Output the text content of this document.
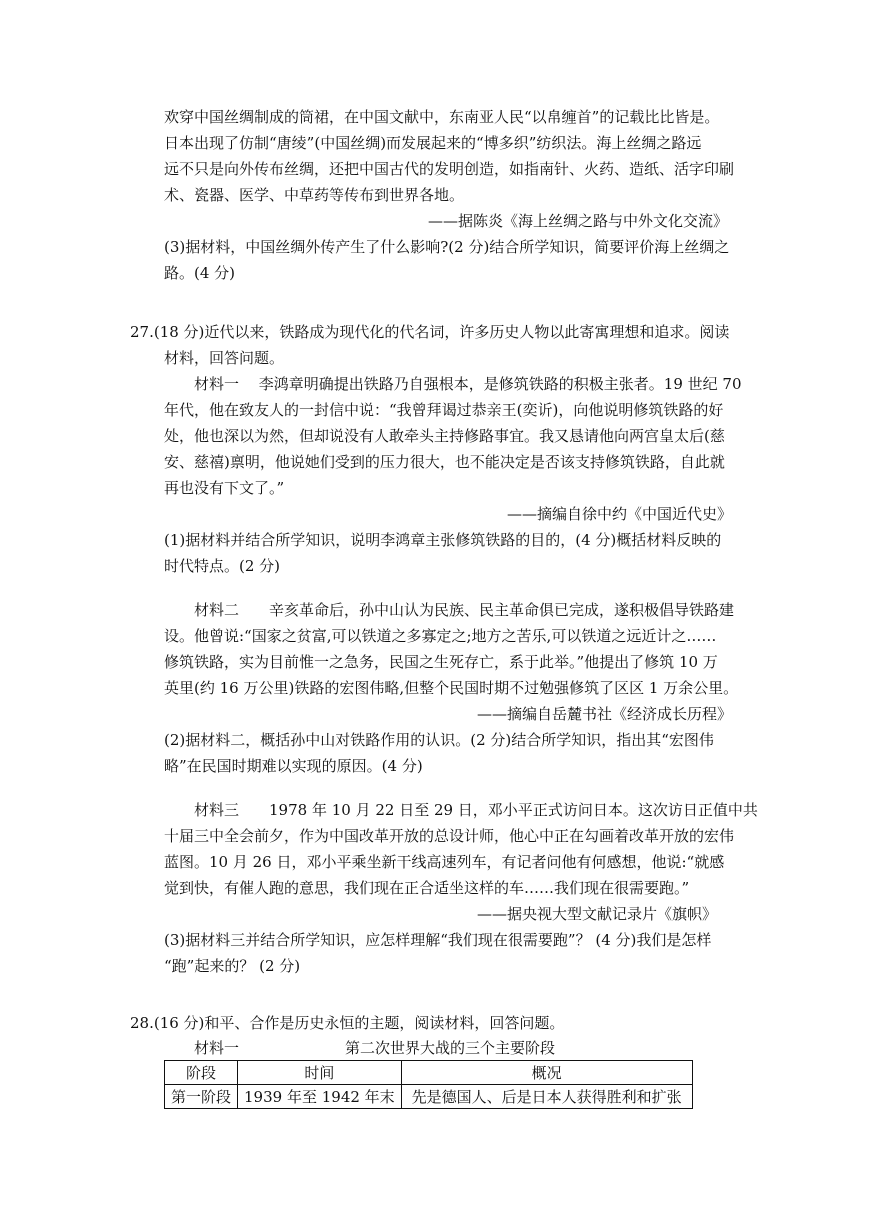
欢穿中国丝绸制成的筒裙，在中国文献中，东南亚人民“以帛缠首”的记载比比皆是。
日本出现了仿制“唐绫”(中国丝绸)而发展起来的“博多织”纺织法。海上丝绸之路远
远不只是向外传布丝绸，还把中国古代的发明创造，如指南针、火药、造纸、活字印刷
术、瓷器、医学、中草药等传布到世界各地。
——据陈炎《海上丝绸之路与中外文化交流》
(3)据材料，中国丝绸外传产生了什么影响?(2 分)结合所学知识，简要评价海上丝绸之
路。(4 分)
27.(18 分)近代以来，铁路成为现代化的代名词，许多历史人物以此寄寓理想和追求。阅读
材料，回答问题。
材料一　 李鸿章明确提出铁路乃自强根本，是修筑铁路的积极主张者。19 世纪 70
年代，他在致友人的一封信中说：“我曾拜谒过恭亲王(奕䜣)，向他说明修筑铁路的好
处，他也深以为然，但却说没有人敢牵头主持修路事宜。我又恳请他向两宫皇太后(慈
安、慈禧)禀明，他说她们受到的压力很大，也不能决定是否该支持修筑铁路，自此就
再也没有下文了。”
——摘编自徐中约《中国近代史》
(1)据材料并结合所学知识，说明李鸿章主张修筑铁路的目的，(4 分)概括材料反映的
时代特点。(2 分)
材料二　　辛亥革命后，孙中山认为民族、民主革命俱已完成，遂积极倡导铁路建
设。他曾说:“国家之贫富,可以铁道之多寡定之;地方之苦乐,可以铁道之远近计之……
修筑铁路，实为目前惟一之急务，民国之生死存亡，系于此举。”他提出了修筑 10 万
英里(约 16 万公里)铁路的宏图伟略,但整个民国时期不过勉强修筑了区区 1 万余公里。
——摘编自岳麓书社《经济成长历程》
(2)据材料二，概括孙中山对铁路作用的认识。(2 分)结合所学知识，指出其“宏图伟
略”在民国时期难以实现的原因。(4 分)
材料三　　1978 年 10 月 22 日至 29 日，邓小平正式访问日本。这次访日正值中共
十届三中全会前夕，作为中国改革开放的总设计师，他心中正在勾画着改革开放的宏伟
蓝图。10 月 26 日，邓小平乘坐新干线高速列车，有记者问他有何感想，他说:“就感
觉到快，有催人跑的意思，我们现在正合适坐这样的车……我们现在很需要跑。”
——据央视大型文献记录片《旗帜》
(3)据材料三并结合所学知识，应怎样理解“我们现在很需要跑”？ (4 分)我们是怎样
“跑”起来的？ (2 分)
28.(16 分)和平、合作是历史永恒的主题，阅读材料，回答问题。
材料一	第二次世界大战的三个主要阶段
阶段	时间	概况
第一阶段	1939 年至 1942 年末	先是德国人、后是日本人获得胜利和扩张
